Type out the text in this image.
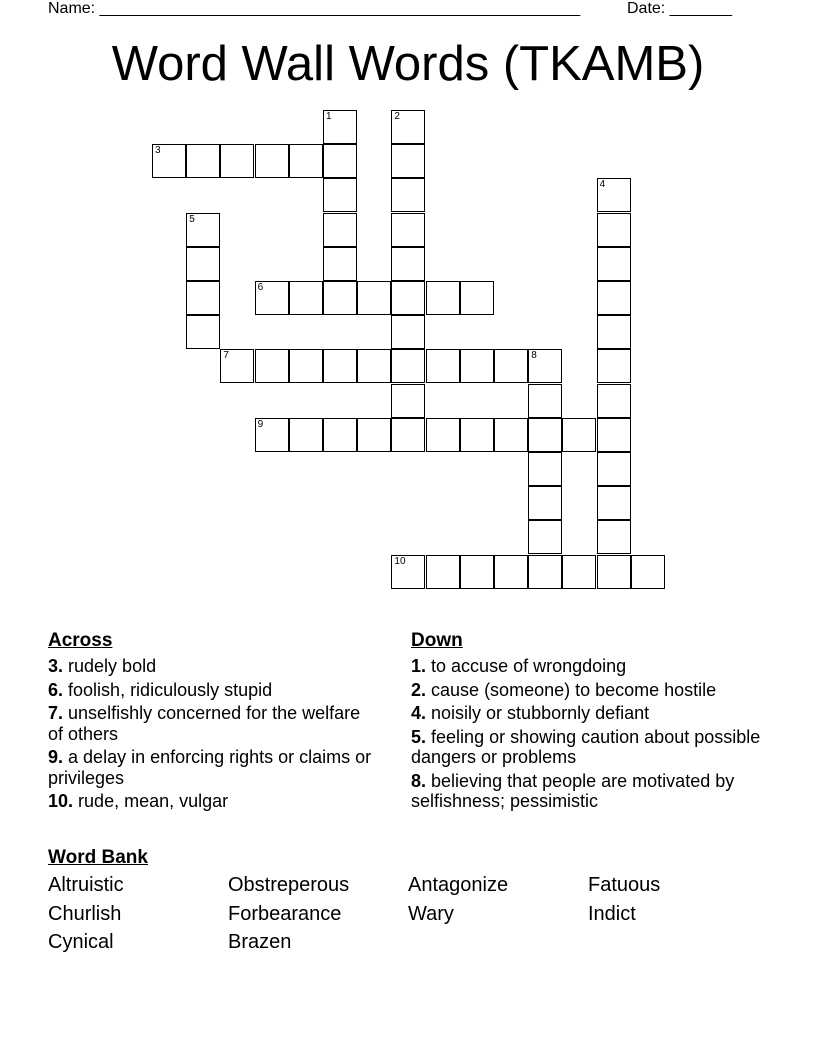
Name: ______________________________________________________	Date: _______
Word Wall Words (TKAMB)
1	2
3
4
5
6
7	8
9
10
Across
3. rudely bold
6. foolish, ridiculously stupid
7. unselfishly concerned for the welfare of others
9. a delay in enforcing rights or claims or privileges
10. rude, mean, vulgar
Down
1. to accuse of wrongdoing
2. cause (someone) to become hostile
4. noisily or stubbornly defiant
5. feeling or showing caution about possible dangers or problems
8. believing that people are motivated by selfishness; pessimistic
Word Bank
Altruistic	Obstreperous	Antagonize	Fatuous
Churlish	Forbearance	Wary	Indict
Cynical	Brazen
